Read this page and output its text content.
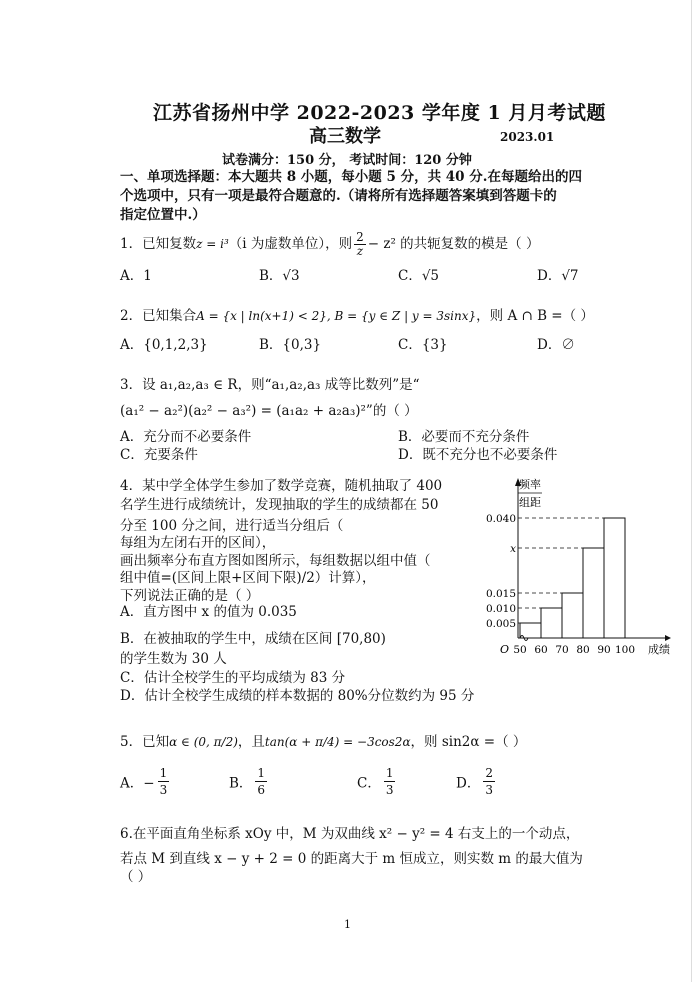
江苏省扬州中学 2022-2023 学年度 1 月月考试题
高三数学	2023.01
试卷满分：150 分， 考试时间：120 分钟
一、单项选择题：本大题共 8 小题，每小题 5 分，共 40 分.在每题给出的四
个选项中，只有一项是最符合题意的.（请将所有选择题答案填到答题卡的
指定位置中.）
1．已知复数z = i³（i 为虚数单位），则 $\frac{2}{z} - z^2$ 的共轭复数的模是（ ）
A．1	B．√3	C．√5	D．√7
2．已知集合A = {x | ln(x+1) < 2}, B = {y ∈ Z | y = 3sinx}，则 A ∩ B =（ ）
A．{0,1,2,3}	B．{0,3}	C．{3}	D．∅
3．设 a₁,a₂,a₃ ∈ R，则“a₁,a₂,a₃ 成等比数列”是“
(a₁² − a₂²)(a₂² − a₃²) = (a₁a₂ + a₂a₃)²”的（ ）
A．充分而不必要条件	B．必要而不充分条件
C．充要条件	D．既不充分也不必要条件
4．某中学全体学生参加了数学竞赛，随机抽取了 400
名学生进行成绩统计，发现抽取的学生的成绩都在 50
分至 100 分之间，进行适当分组后（
每组为左闭右开的区间），
画出频率分布直方图如图所示，每组数据以组中值（
组中值=(区间上限+区间下限)/2）计算），
下列说法正确的是（ ）
A．直方图中 x 的值为 0.035
B．在被抽取的学生中，成绩在区间 [70,80)
的学生数为 30 人
C．估计全校学生的平均成绩为 83 分
D．估计全校学生成绩的样本数据的 80%分位数约为 95 分
频率
组距
O	成绩
50 60 70 80 90 100
0.005
0.010
0.015
x
0.040
5．已知α ∈ (0, π/2)，且tan(α + π/4) = −3cos2α，则 sin2α =（ ）
A．− $\frac{1}{3}$	B． $\frac{1}{6}$	C． $\frac{1}{3}$	D． $\frac{2}{3}$
6.在平面直角坐标系 xOy 中，M 为双曲线 x² − y² = 4 右支上的一个动点，
若点 M 到直线 x − y + 2 = 0 的距离大于 m 恒成立，则实数 m 的最大值为
（ ）
1
